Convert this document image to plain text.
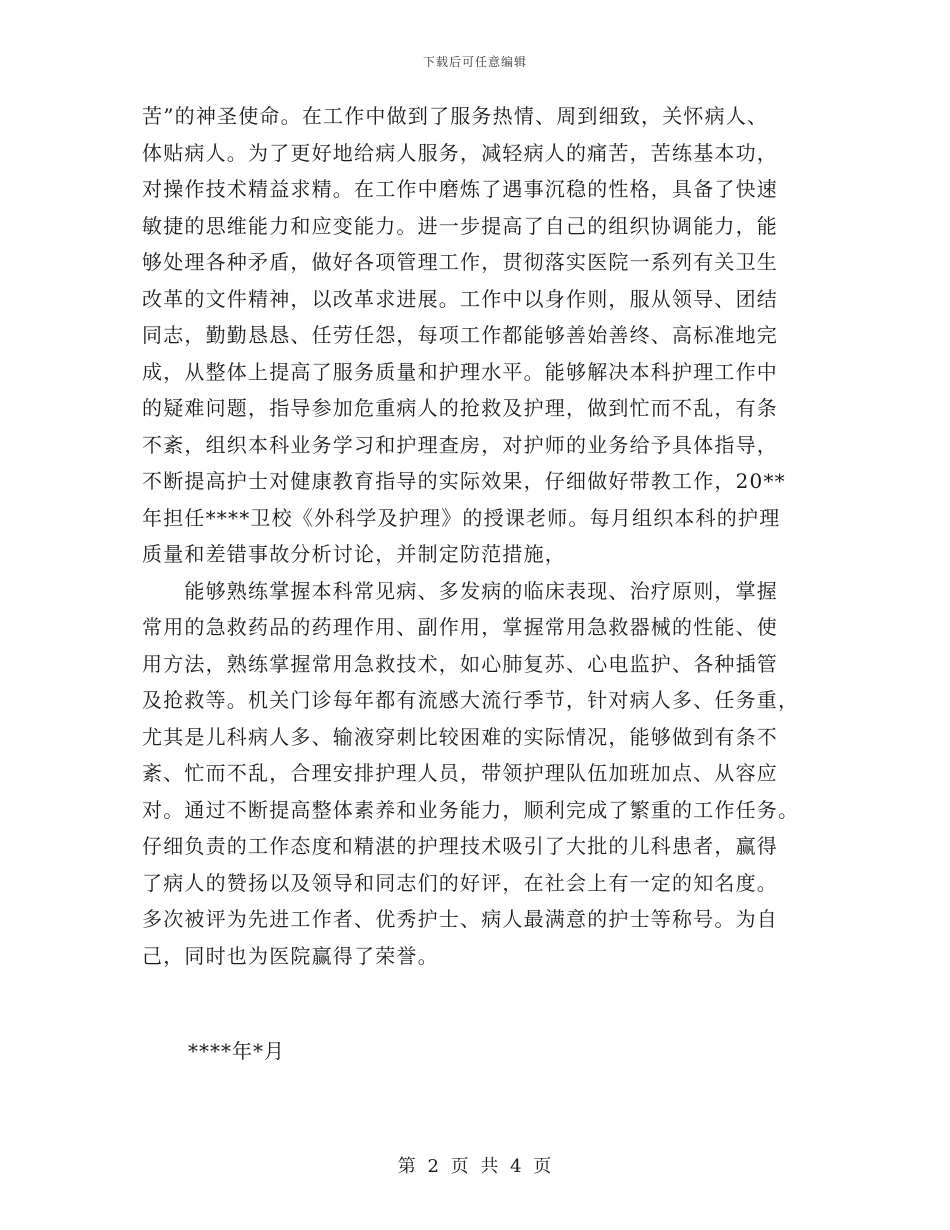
下载后可任意编辑
苦”的神圣使命。在工作中做到了服务热情、周到细致，关怀病人、
体贴病人。为了更好地给病人服务，减轻病人的痛苦，苦练基本功，
对操作技术精益求精。在工作中磨炼了遇事沉稳的性格，具备了快速
敏捷的思维能力和应变能力。进一步提高了自己的组织协调能力，能
够处理各种矛盾，做好各项管理工作，贯彻落实医院一系列有关卫生
改革的文件精神，以改革求进展。工作中以身作则，服从领导、团结
同志，勤勤恳恳、任劳任怨，每项工作都能够善始善终、高标准地完
成，从整体上提高了服务质量和护理水平。能够解决本科护理工作中
的疑难问题，指导参加危重病人的抢救及护理，做到忙而不乱，有条
不紊，组织本科业务学习和护理查房，对护师的业务给予具体指导，
不断提高护士对健康教育指导的实际效果，仔细做好带教工作，20**
年担任****卫校《外科学及护理》的授课老师。每月组织本科的护理
质量和差错事故分析讨论，并制定防范措施，
　　能够熟练掌握本科常见病、多发病的临床表现、治疗原则，掌握
常用的急救药品的药理作用、副作用，掌握常用急救器械的性能、使
用方法，熟练掌握常用急救技术，如心肺复苏、心电监护、各种插管
及抢救等。机关门诊每年都有流感大流行季节，针对病人多、任务重，
尤其是儿科病人多、输液穿刺比较困难的实际情况，能够做到有条不
紊、忙而不乱，合理安排护理人员，带领护理队伍加班加点、从容应
对。通过不断提高整体素养和业务能力，顺利完成了繁重的工作任务。
仔细负责的工作态度和精湛的护理技术吸引了大批的儿科患者，赢得
了病人的赞扬以及领导和同志们的好评，在社会上有一定的知名度。
多次被评为先进工作者、优秀护士、病人最满意的护士等称号。为自
己，同时也为医院赢得了荣誉。
****年*月
第 2 页 共 4 页
